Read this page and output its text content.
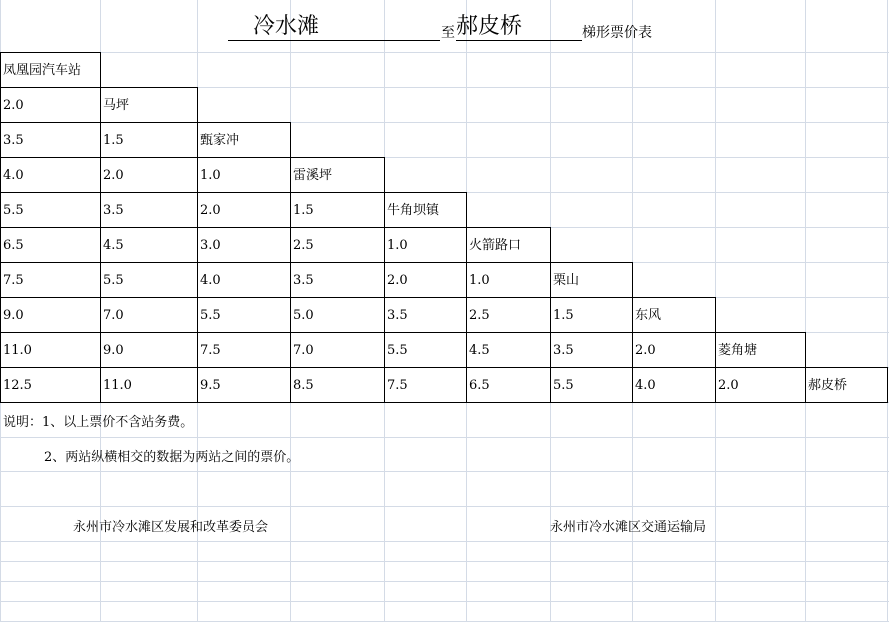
冷水滩	至 郝皮桥	梯形票价表
凤凰园汽车站
2.0	马坪
3.5	1.5	甄家冲
4.0	2.0	1.0	雷溪坪
5.5	3.5	2.0	1.5	牛角坝镇
6.5	4.5	3.0	2.5	1.0	火箭路口
7.5	5.5	4.0	3.5	2.0	1.0	栗山
9.0	7.0	5.5	5.0	3.5	2.5	1.5	东风
11.0	9.0	7.5	7.0	5.5	4.5	3.5	2.0	菱角塘
12.5	11.0	9.5	8.5	7.5	6.5	5.5	4.0	2.0	郝皮桥
说明：1、以上票价不含站务费。
2、两站纵横相交的数据为两站之间的票价。
永州市冷水滩区发展和改革委员会	永州市冷水滩区交通运输局
